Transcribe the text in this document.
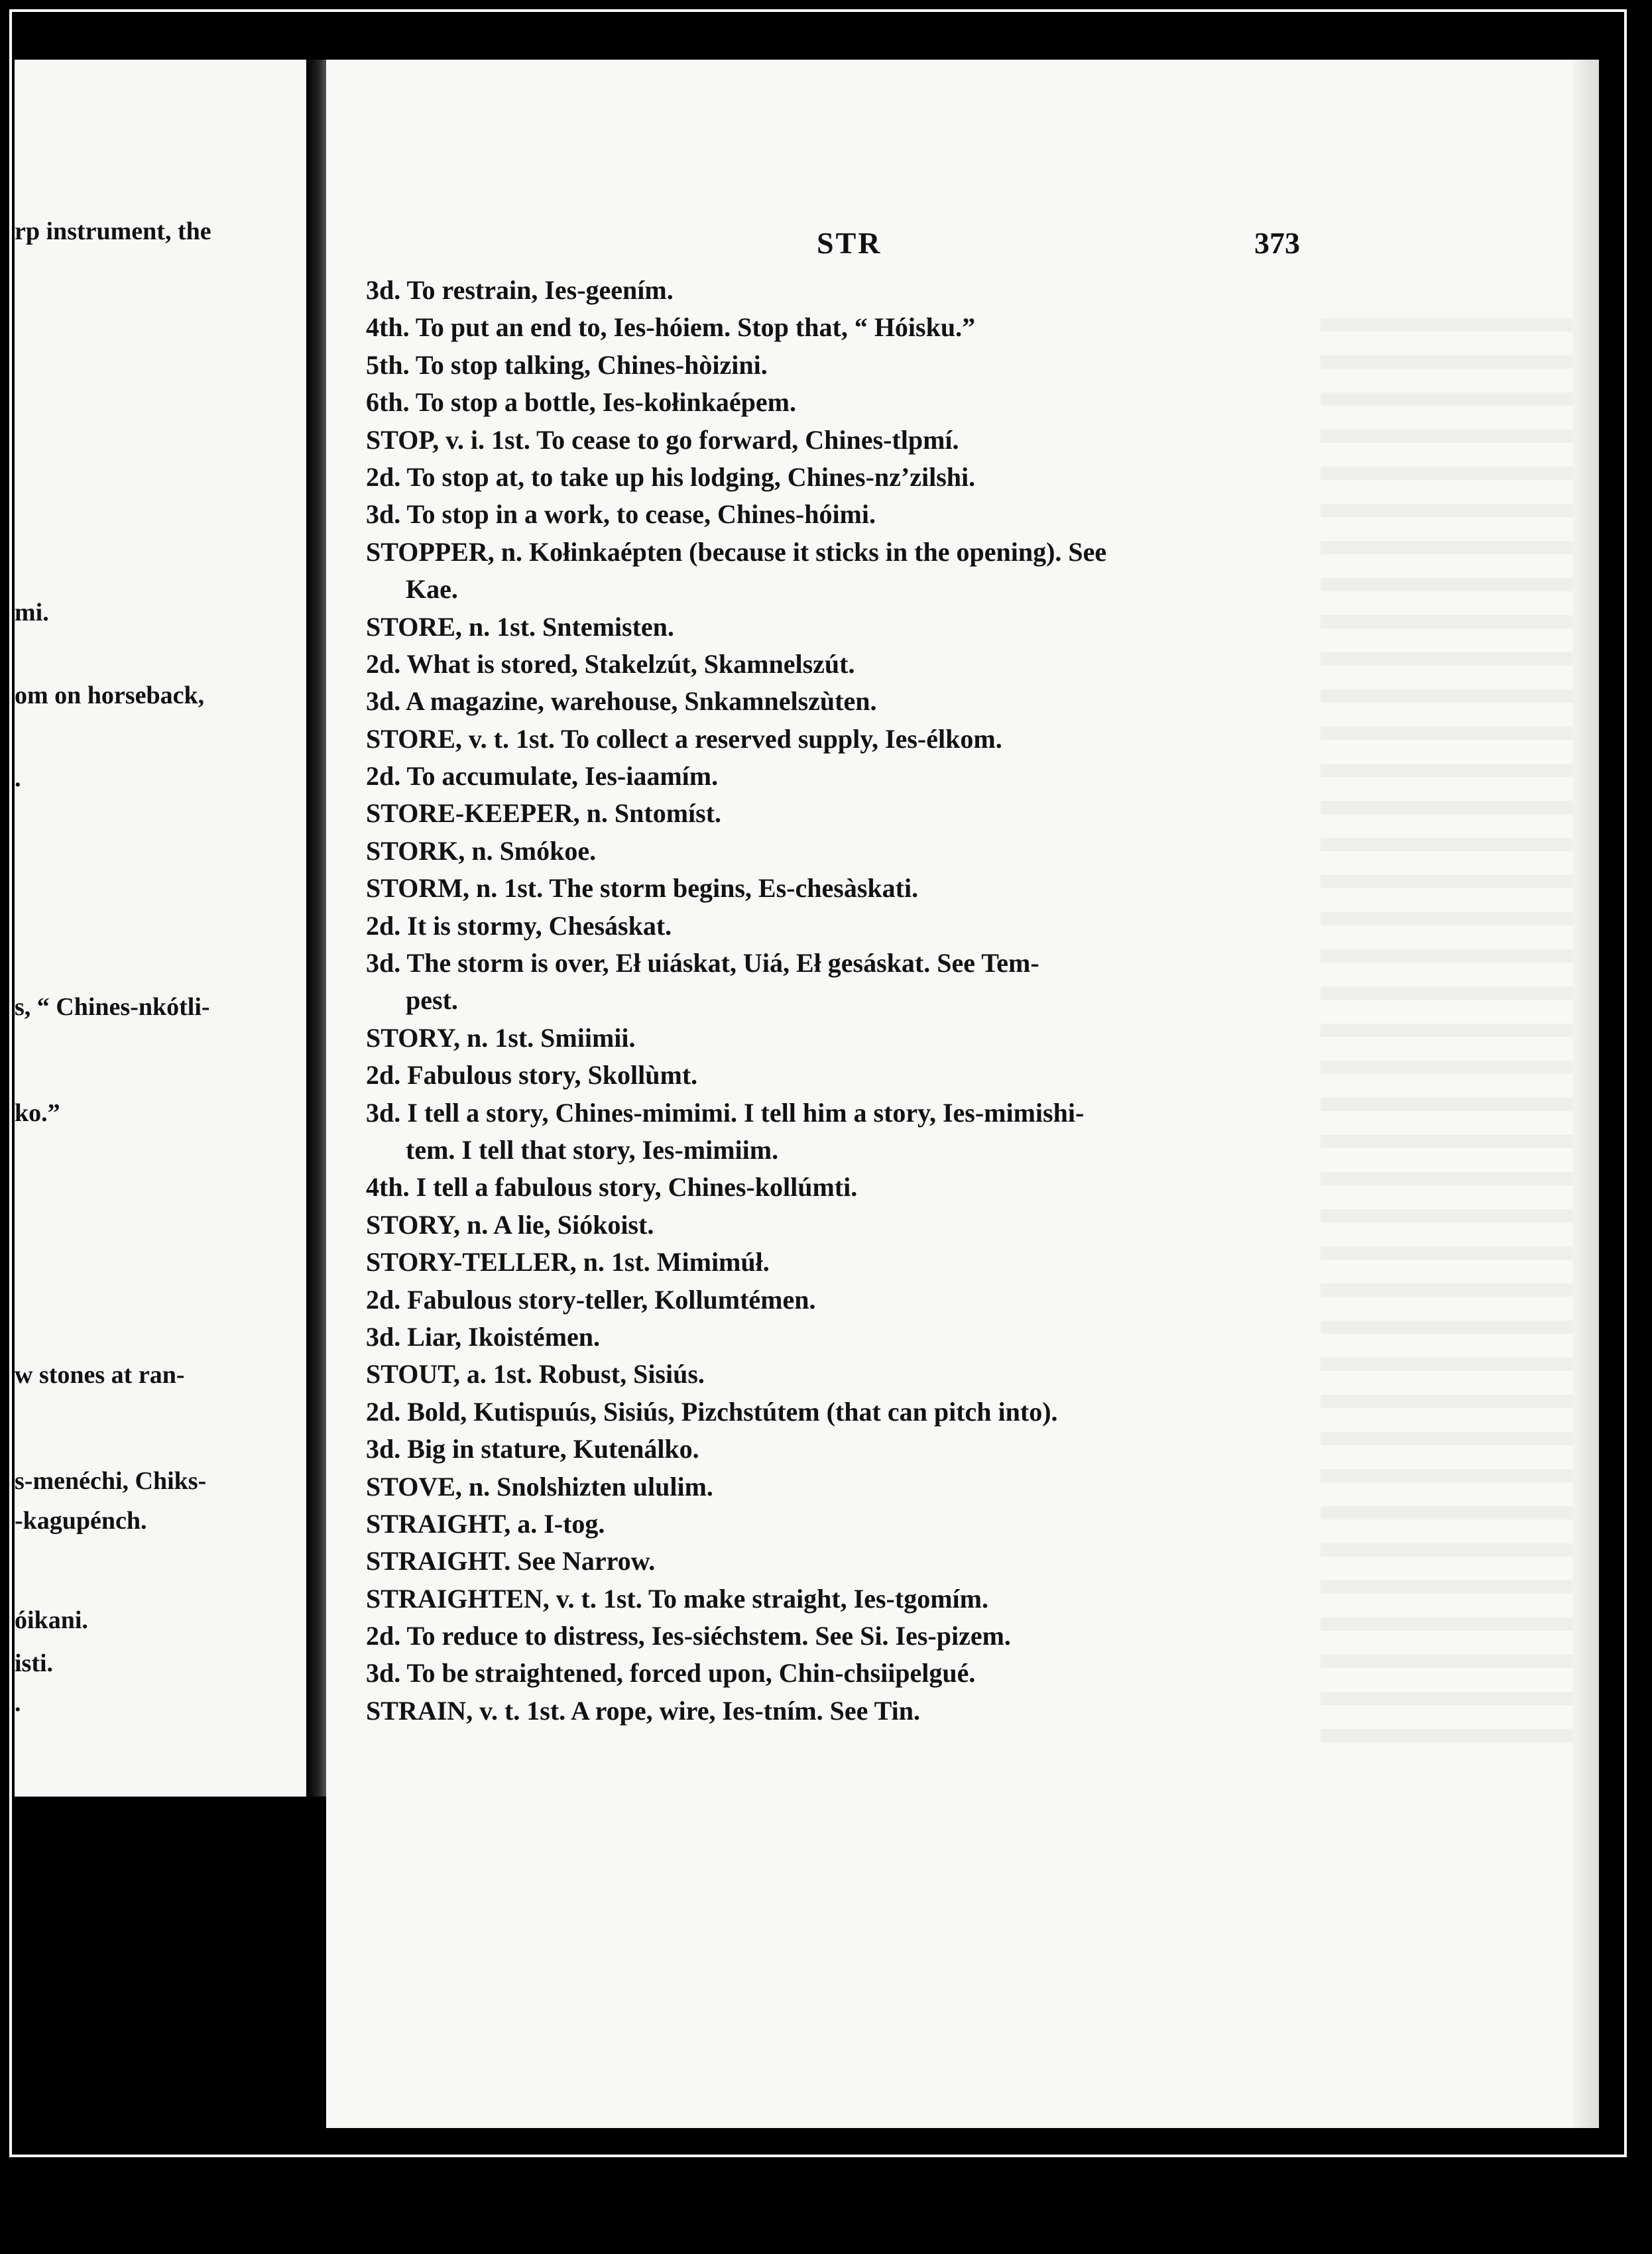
rp instrument, the
mi.
om on horseback,
.
s, “ Chines-nkótli-
ko.”
w stones at ran-
s-menéchi, Chiks-
-kagupénch.
óikani.
isti.
.
STR	373
3d. To restrain, Ies-geením.
4th. To put an end to, Ies-hóiem. Stop that, “ Hóisku.”
5th. To stop talking, Chines-hòizini.
6th. To stop a bottle, Ies-kołinkaépem.
STOP, v. i. 1st. To cease to go forward, Chines-tlpmí.
2d. To stop at, to take up his lodging, Chines-nz’zilshi.
3d. To stop in a work, to cease, Chines-hóimi.
STOPPER, n. Kołinkaépten (because it sticks in the opening). See
Kae.
STORE, n. 1st. Sntemisten.
2d. What is stored, Stakelzút, Skamnelszút.
3d. A magazine, warehouse, Snkamnelszùten.
STORE, v. t. 1st. To collect a reserved supply, Ies-élkom.
2d. To accumulate, Ies-iaamím.
STORE-KEEPER, n. Sntomíst.
STORK, n. Smókoe.
STORM, n. 1st. The storm begins, Es-chesàskati.
2d. It is stormy, Chesáskat.
3d. The storm is over, Eł uiáskat, Uiá, Eł gesáskat. See Tem-
pest.
STORY, n. 1st. Smiimii.
2d. Fabulous story, Skollùmt.
3d. I tell a story, Chines-mimimi. I tell him a story, Ies-mimishi-
tem. I tell that story, Ies-mimiim.
4th. I tell a fabulous story, Chines-kollúmti.
STORY, n. A lie, Siókoist.
STORY-TELLER, n. 1st. Mimimúł.
2d. Fabulous story-teller, Kollumtémen.
3d. Liar, Ikoistémen.
STOUT, a. 1st. Robust, Sisiús.
2d. Bold, Kutispuús, Sisiús, Pizchstútem (that can pitch into).
3d. Big in stature, Kutenálko.
STOVE, n. Snolshizten ululim.
STRAIGHT, a. I-tog.
STRAIGHT. See Narrow.
STRAIGHTEN, v. t. 1st. To make straight, Ies-tgomím.
2d. To reduce to distress, Ies-siéchstem. See Si. Ies-pizem.
3d. To be straightened, forced upon, Chin-chsiipelgué.
STRAIN, v. t. 1st. A rope, wire, Ies-tním. See Tin.
